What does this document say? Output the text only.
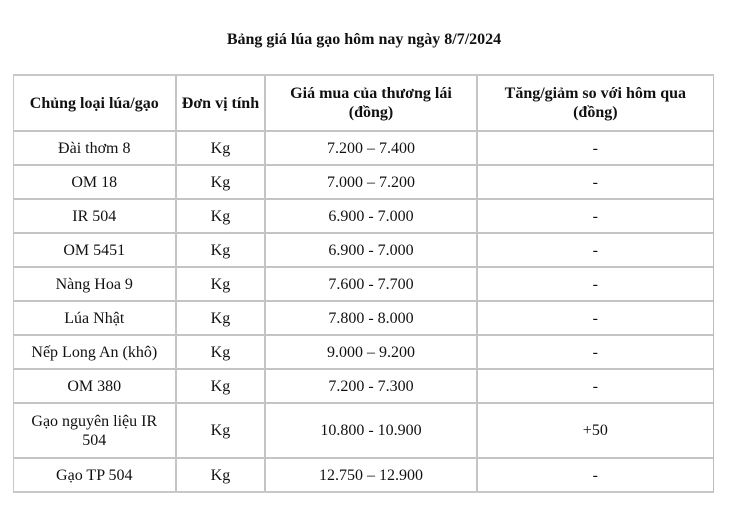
Bảng giá lúa gạo hôm nay ngày 8/7/2024
Chủng loại lúa/gạo	Đơn vị tính	Giá mua của thương lái (đồng)	Tăng/giảm so với hôm qua (đồng)
Đài thơm 8	Kg	7.200 – 7.400	-
OM 18	Kg	7.000 – 7.200	-
IR 504	Kg	6.900 - 7.000	-
OM 5451	Kg	6.900 - 7.000	-
Nàng Hoa 9	Kg	7.600 - 7.700	-
Lúa Nhật	Kg	7.800 - 8.000	-
Nếp Long An (khô)	Kg	9.000 – 9.200	-
OM 380	Kg	7.200 - 7.300	-
Gạo nguyên liệu IR 504	Kg	10.800 - 10.900	+50
Gạo TP 504	Kg	12.750 – 12.900	-
